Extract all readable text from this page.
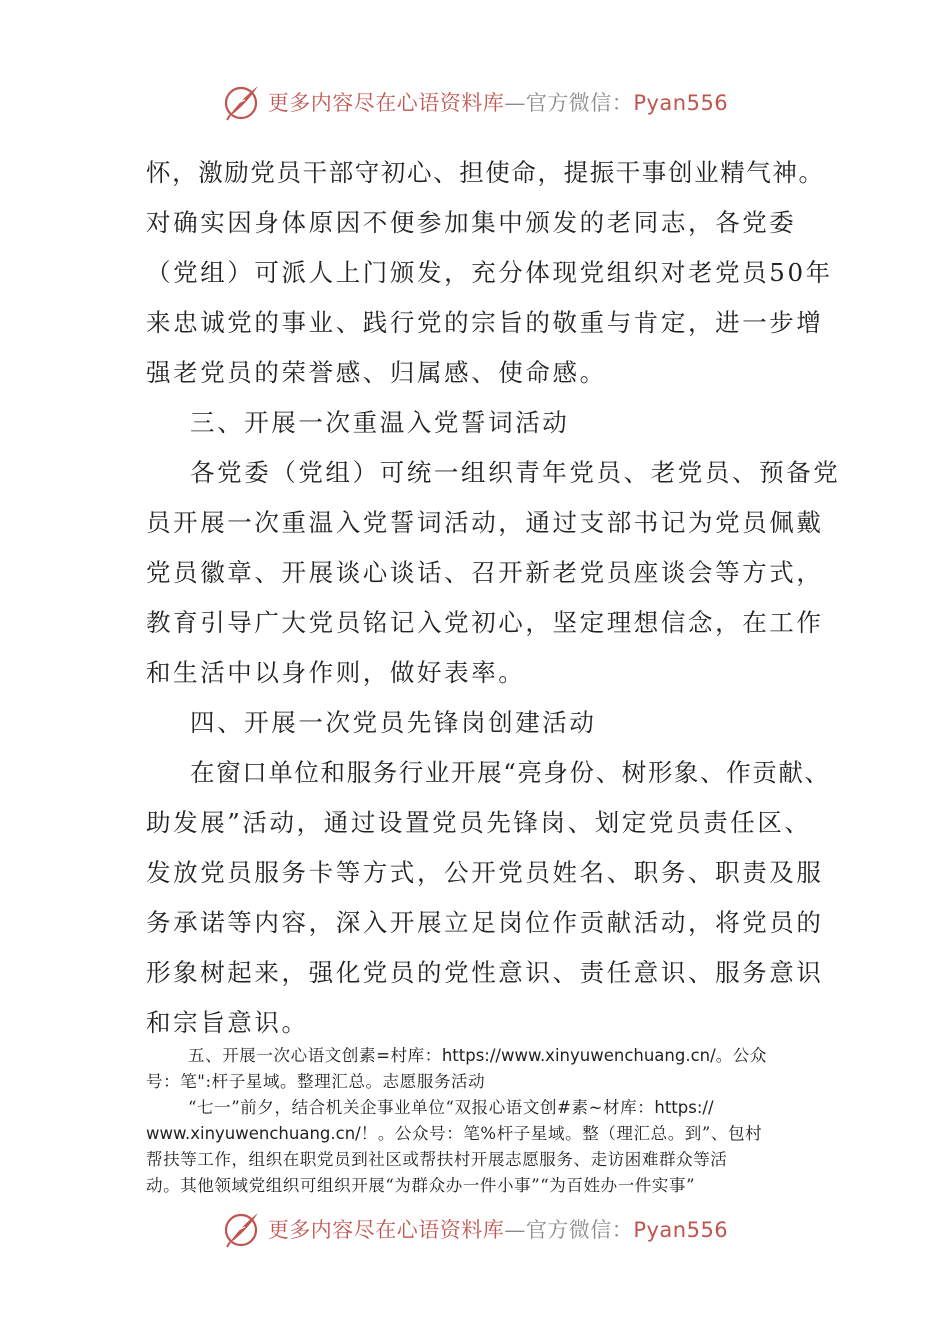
更多内容尽在心语资料库—官方微信：Pyan556
怀，激励党员干部守初心、担使命，提振干事创业精气神。
对确实因身体原因不便参加集中颁发的老同志，各党委
（党组）可派人上门颁发，充分体现党组织对老党员50年
来忠诚党的事业、践行党的宗旨的敬重与肯定，进一步增
强老党员的荣誉感、归属感、使命感。
三、开展一次重温入党誓词活动
各党委（党组）可统一组织青年党员、老党员、预备党
员开展一次重温入党誓词活动，通过支部书记为党员佩戴
党员徽章、开展谈心谈话、召开新老党员座谈会等方式，
教育引导广大党员铭记入党初心，坚定理想信念，在工作
和生活中以身作则，做好表率。
四、开展一次党员先锋岗创建活动
在窗口单位和服务行业开展“亮身份、树形象、作贡献、
助发展”活动，通过设置党员先锋岗、划定党员责任区、
发放党员服务卡等方式，公开党员姓名、职务、职责及服
务承诺等内容，深入开展立足岗位作贡献活动，将党员的
形象树起来，强化党员的党性意识、责任意识、服务意识
和宗旨意识。
五、开展一次心语文创素=村库：https://www.xinyuwenchuang.cn/。公众
号：笔":杆子星域。整理汇总。志愿服务活动
“七一”前夕，结合机关企事业单位“双报心语文创#素~材库：https://
www.xinyuwenchuang.cn/！。公众号：笔%杆子星域。整（理汇总。到”、包村
帮扶等工作，组织在职党员到社区或帮扶村开展志愿服务、走访困难群众等活
动。其他领域党组织可组织开展“为群众办一件小事”“为百姓办一件实事”
更多内容尽在心语资料库—官方微信：Pyan556
